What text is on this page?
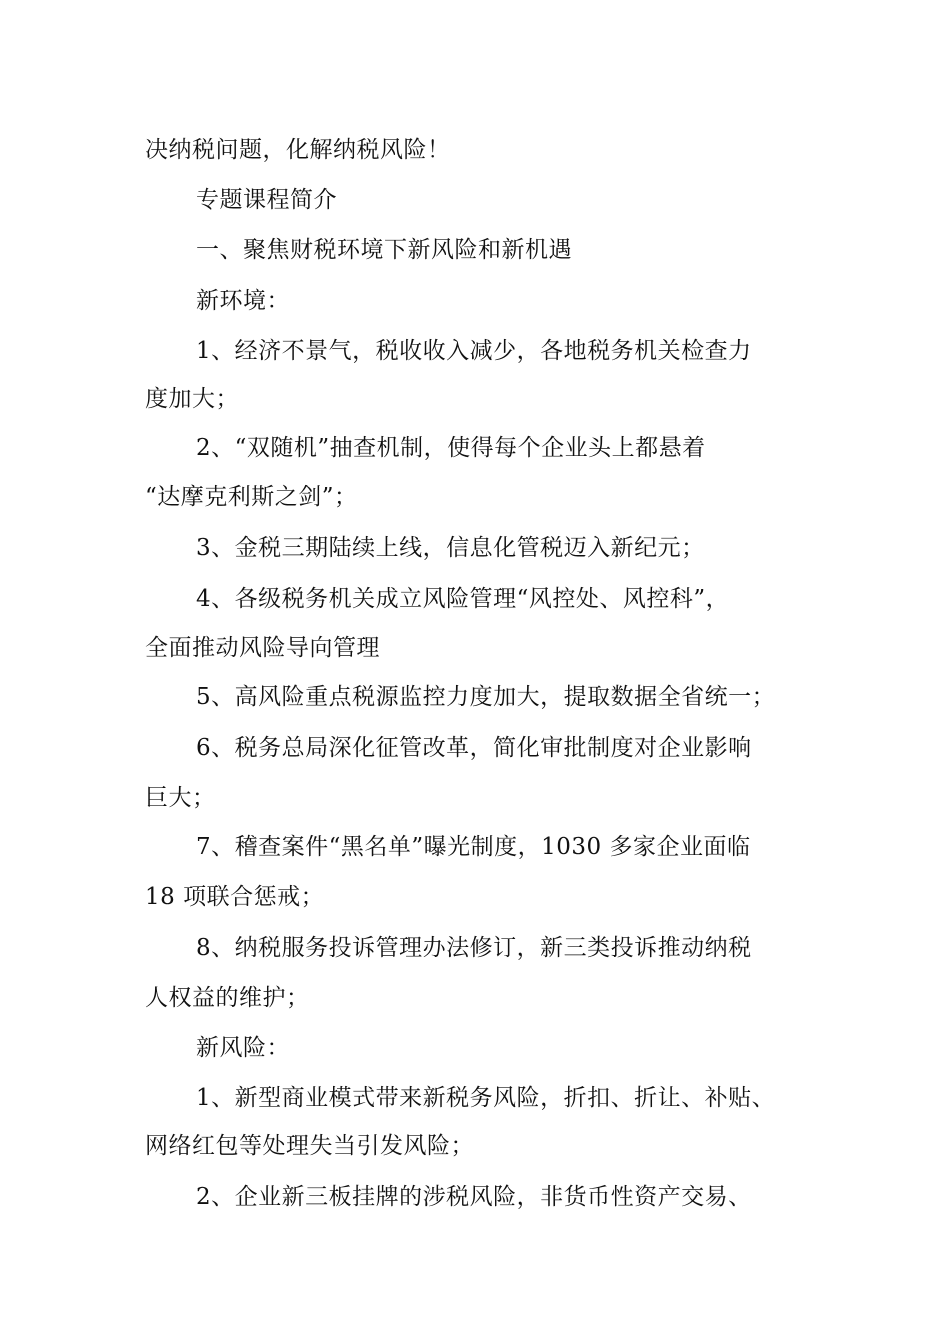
决纳税问题，化解纳税风险！
专题课程简介
一、聚焦财税环境下新风险和新机遇
新环境：
1、经济不景气，税收收入减少，各地税务机关检查力
度加大；
2、“双随机”抽查机制，使得每个企业头上都悬着
“达摩克利斯之剑”；
3、金税三期陆续上线，信息化管税迈入新纪元；
4、各级税务机关成立风险管理“风控处、风控科”，
全面推动风险导向管理
5、高风险重点税源监控力度加大，提取数据全省统一；
6、税务总局深化征管改革，简化审批制度对企业影响
巨大；
7、稽查案件“黑名单”曝光制度，1030 多家企业面临
18 项联合惩戒；
8、纳税服务投诉管理办法修订，新三类投诉推动纳税
人权益的维护；
新风险：
1、新型商业模式带来新税务风险，折扣、折让、补贴、
网络红包等处理失当引发风险；
2、企业新三板挂牌的涉税风险，非货币性资产交易、
